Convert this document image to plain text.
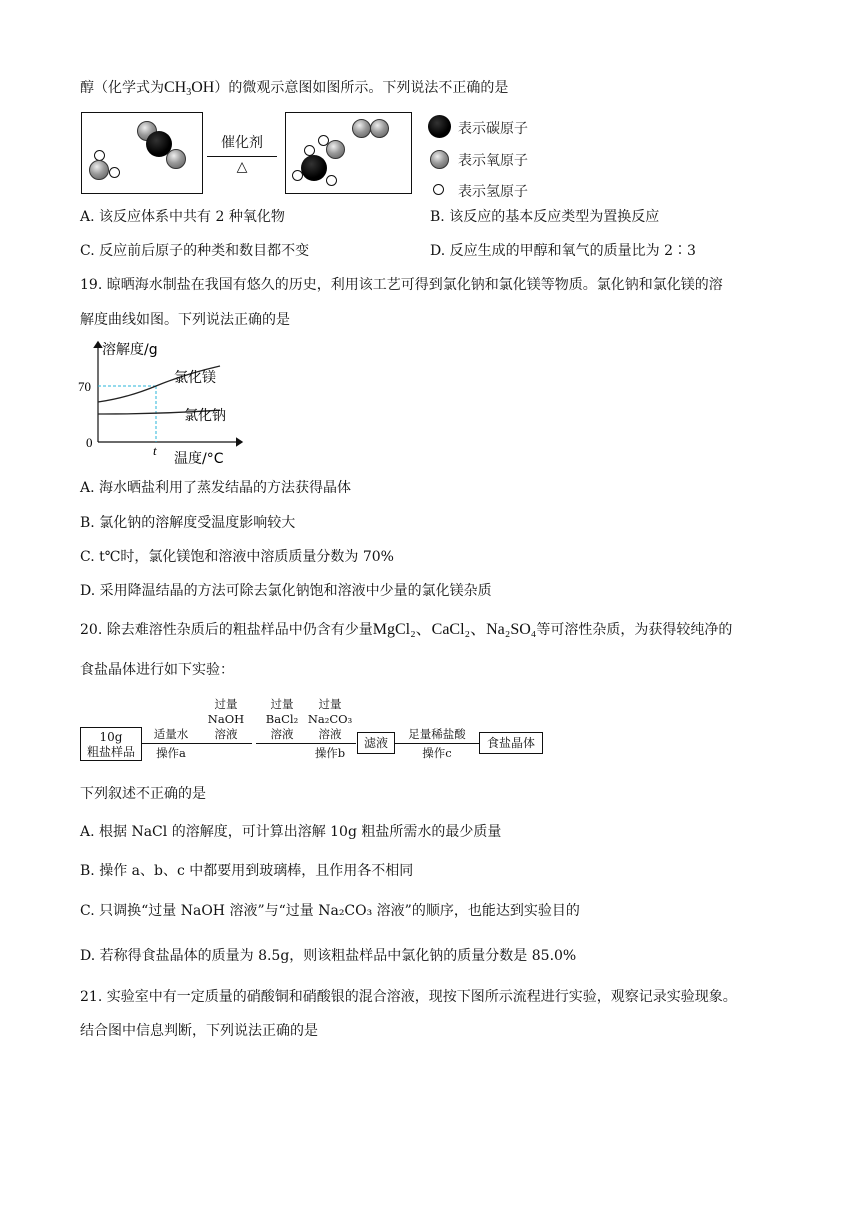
醇（化学式为$CH_3OH$）的微观示意图如图所示。下列说法不正确的是
催化剂
△
表示碳原子
表示氧原子
表示氢原子
A. 该反应体系中共有 2 种氧化物	B. 该反应的基本反应类型为置换反应
C. 反应前后原子的种类和数目都不变	D. 反应生成的甲醇和氧气的质量比为 2∶3
19. 晾晒海水制盐在我国有悠久的历史，利用该工艺可得到氯化钠和氯化镁等物质。氯化钠和氯化镁的溶
解度曲线如图。下列说法正确的是
溶解度/g
70
0
t
温度/°C
氯化镁
氯化钠
A. 海水晒盐利用了蒸发结晶的方法获得晶体
B. 氯化钠的溶解度受温度影响较大
C. t℃时，氯化镁饱和溶液中溶质质量分数为 70%
D. 采用降温结晶的方法可除去氯化钠饱和溶液中少量的氯化镁杂质
20. 除去难溶性杂质后的粗盐样品中仍含有少量MgCl₂、CaCl₂、Na₂SO₄等可溶性杂质，为获得较纯净的
食盐晶体进行如下实验：
10g
粗盐样品
适量水
操作a
过量
NaOH
溶液
过量
BaCl₂
溶液
过量
Na₂CO₃
溶液
操作b
滤液
足量稀盐酸
操作c
食盐晶体
下列叙述不正确的是
A. 根据 NaCl 的溶解度，可计算出溶解 10g 粗盐所需水的最少质量
B. 操作 a、b、c 中都要用到玻璃棒，且作用各不相同
C. 只调换“过量 NaOH 溶液”与“过量 Na₂CO₃ 溶液”的顺序，也能达到实验目的
D. 若称得食盐晶体的质量为 8.5g，则该粗盐样品中氯化钠的质量分数是 85.0%
21. 实验室中有一定质量的硝酸铜和硝酸银的混合溶液，现按下图所示流程进行实验，观察记录实验现象。
结合图中信息判断，下列说法正确的是
